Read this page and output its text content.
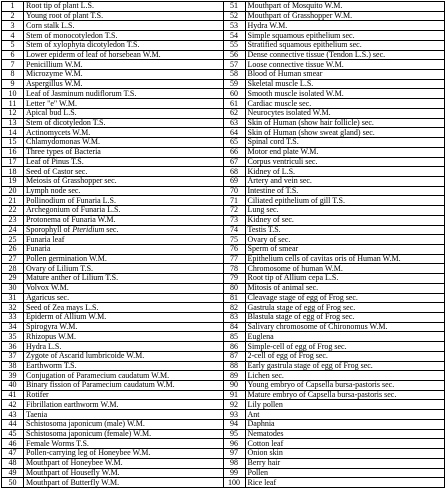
1	Root tip of plant L.S.	51	Mouthpart of Mosquito W.M.
2	Young root of plant T.S.	52	Mouthpart of Grasshopper W.M.
3	Corn stalk L.S.	53	Hydra W.M.
4	Stem of monocotyledon T.S.	54	Simple squamous epithelium sec.
5	Stem of xylophyta dicotyledon T.S.	55	Stratified squamous epithelium sec.
6	Lower epiderm of leaf of horsebean W.M.	56	Dense connective tissue (Tendon L.S.) sec.
7	Penicillium W.M.	57	Loose connective tissue W.M.
8	Microzyme W.M.	58	Blood of Human smear
9	Aspergillus W.M.	59	Skeletal muscle L.S.
10	Leaf of Jasminum nudiflorum T.S.	60	Smooth muscle isolated W.M.
11	Letter "e" W.M.	61	Cardiac muscle sec.
12	Apical bud L.S.	62	Neurocytes isolated W.M.
13	Stem of dicotyledon T.S.	63	Skin of Human (show hair follicle) sec.
14	Actinomycets W.M.	64	Skin of Human (show sweat gland) sec.
15	Chlamydomonas W.M.	65	Spinal cord T.S.
16	Three types of Bacteria	66	Motor end plate W.M.
17	Leaf of Pinus T.S.	67	Corpus ventriculi sec.
18	Seed of Castor sec.	68	Kidney of L.S.
19	Meiosis of Grasshopper sec.	69	Artery and vein sec.
20	Lymph node sec.	70	Intestine of T.S.
21	Pollinodium of Funaria L.S.	71	Ciliated epithelium of gill T.S.
22	Archegonium of Funaria L.S.	72	Lung sec.
23	Protonema of Funaria W.M.	73	Kidney of sec.
24	Sporophyll of Pteridium sec.	74	Testis T.S.
25	Funaria leaf	75	Ovary of sec.
26	Funaria	76	Sperm of smear
27	Pollen germination W.M.	77	Epithelium cells of cavitas oris of Human W.M.
28	Ovary of Lilium T.S.	78	Chromosome of human W.M.
29	Mature anther of Lilium T.S.	79	Root tip of Allium cepa L.S.
30	Volvox W.M.	80	Mitosis of animal sec.
31	Agaricus sec.	81	Cleavage stage of egg of Frog sec.
32	Seed of Zea mays L.S.	82	Gastrula stage of egg of Frog sec.
33	Epiderm of Allium W.M.	83	Blastula stage of egg of Frog sec.
34	Spirogyra W.M.	84	Salivary chromosome of Chironomus W.M.
35	Rhizopus W.M.	85	Euglena
36	Hydra L.S.	86	Simple-cell of egg of Frog sec.
37	Zygote of Ascarid lumbricoide W.M.	87	2-cell of egg of Frog sec.
38	Earthworm T.S.	88	Early gastrula stage of egg of Frog sec.
39	Conjugation of Paramecium caudatum W.M.	89	Lichen sec.
40	Binary fission of Paramecium caudatum W.M.	90	Young embryo of Capsella bursa-pastoris sec.
41	Rotifer	91	Mature embryo of Capsella bursa-pastoris sec.
42	Fibrillation earthworm W.M.	92	Lily pollen
43	Taenia	93	Ant
44	Schistosoma japonicum (male) W.M.	94	Daphnia
45	Schistosoma japonicum (female) W.M.	95	Nematodes
46	Female Worms T.S.	96	Cotton leaf
47	Pollen-carrying leg of Honeybee W.M.	97	Onion skin
48	Mouthpart of Honeybee W.M.	98	Berry hair
49	Mouthpart of Housefly W.M.	99	Pollen
50	Mouthpart of Butterfly W.M.	100	Rice leaf
